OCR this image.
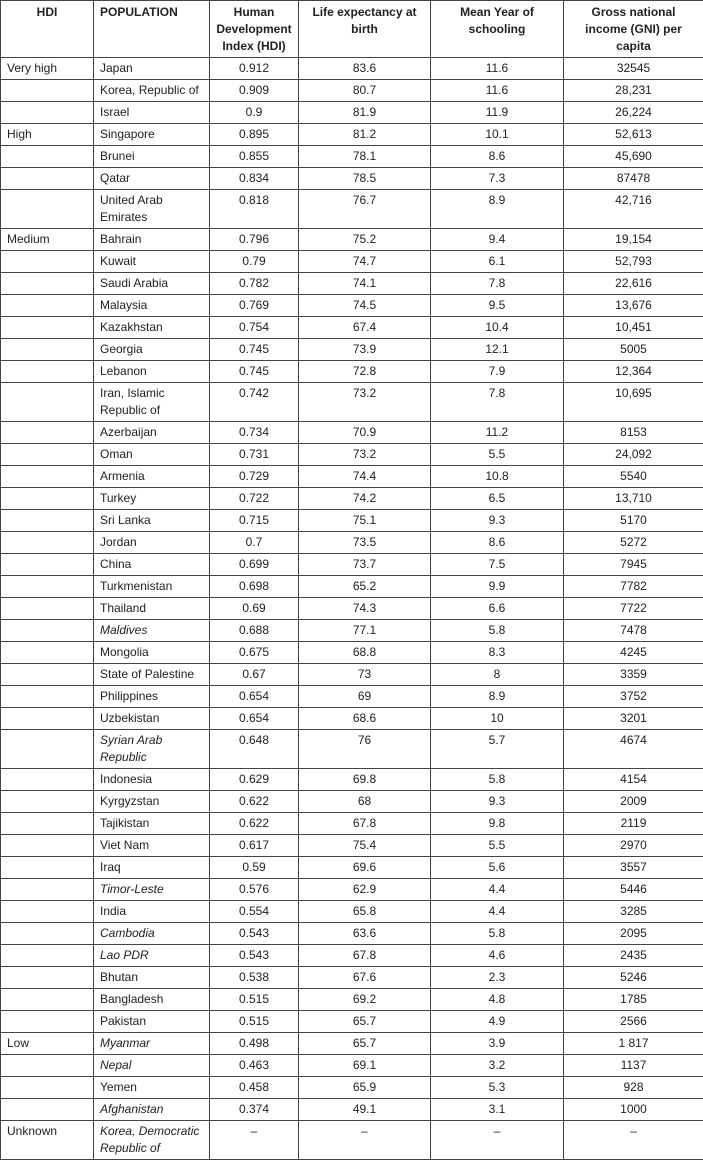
HDI	POPULATION	Human Development Index (HDI)	Life expectancy at birth	Mean Year of schooling	Gross national income (GNI) per capita
Very high	Japan	0.912	83.6	11.6	32545
	Korea, Republic of	0.909	80.7	11.6	28,231
	Israel	0.9	81.9	11.9	26,224
High	Singapore	0.895	81.2	10.1	52,613
	Brunei	0.855	78.1	8.6	45,690
	Qatar	0.834	78.5	7.3	87478
	United Arab Emirates	0.818	76.7	8.9	42,716
Medium	Bahrain	0.796	75.2	9.4	19,154
	Kuwait	0.79	74.7	6.1	52,793
	Saudi Arabia	0.782	74.1	7.8	22,616
	Malaysia	0.769	74.5	9.5	13,676
	Kazakhstan	0.754	67.4	10.4	10,451
	Georgia	0.745	73.9	12.1	5005
	Lebanon	0.745	72.8	7.9	12,364
	Iran, Islamic Republic of	0.742	73.2	7.8	10,695
	Azerbaijan	0.734	70.9	11.2	8153
	Oman	0.731	73.2	5.5	24,092
	Armenia	0.729	74.4	10.8	5540
	Turkey	0.722	74.2	6.5	13,710
	Sri Lanka	0.715	75.1	9.3	5170
	Jordan	0.7	73.5	8.6	5272
	China	0.699	73.7	7.5	7945
	Turkmenistan	0.698	65.2	9.9	7782
	Thailand	0.69	74.3	6.6	7722
	Maldives	0.688	77.1	5.8	7478
	Mongolia	0.675	68.8	8.3	4245
	State of Palestine	0.67	73	8	3359
	Philippines	0.654	69	8.9	3752
	Uzbekistan	0.654	68.6	10	3201
	Syrian Arab Republic	0.648	76	5.7	4674
	Indonesia	0.629	69.8	5.8	4154
	Kyrgyzstan	0.622	68	9.3	2009
	Tajikistan	0.622	67.8	9.8	2119
	Viet Nam	0.617	75.4	5.5	2970
	Iraq	0.59	69.6	5.6	3557
	Timor-Leste	0.576	62.9	4.4	5446
	India	0.554	65.8	4.4	3285
	Cambodia	0.543	63.6	5.8	2095
	Lao PDR	0.543	67.8	4.6	2435
	Bhutan	0.538	67.6	2.3	5246
	Bangladesh	0.515	69.2	4.8	1785
	Pakistan	0.515	65.7	4.9	2566
Low	Myanmar	0.498	65.7	3.9	1 817
	Nepal	0.463	69.1	3.2	1137
	Yemen	0.458	65.9	5.3	928
	Afghanistan	0.374	49.1	3.1	1000
Unknown	Korea, Democratic Republic of	–	–	–	–
